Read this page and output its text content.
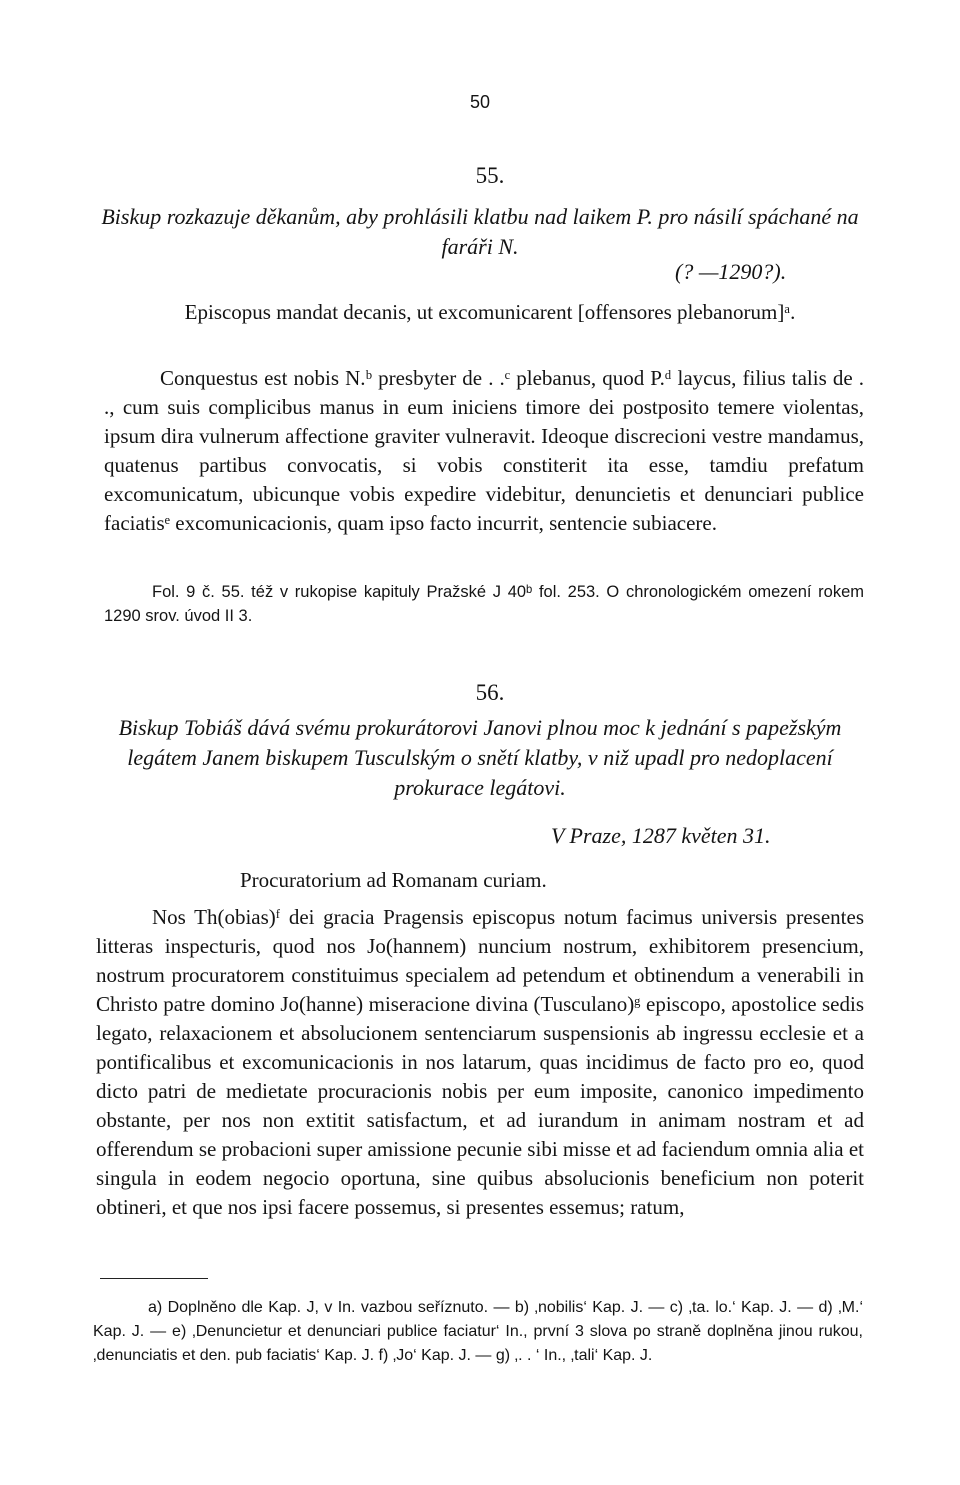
50
55.
Biskup rozkazuje děkanům, aby prohlásili klatbu nad laikem P. pro násilí spáchané na faráři N.
(? —1290?).
Episcopus mandat decanis, ut excomunicarent [offensores plebanorum]ᵃ.
Conquestus est nobis N.ᵇ presbyter de . .ᶜ plebanus, quod P.ᵈ laycus, filius talis de . ., cum suis complicibus manus in eum iniciens timore dei postposito temere violentas, ipsum dira vulnerum affectione graviter vulneravit. Ideoque discrecioni vestre mandamus, quatenus partibus convocatis, si vobis constiterit ita esse, tamdiu prefatum excomunicatum, ubicunque vobis expedire videbitur, denuncietis et denunciari publice faciatisᵉ excomunicacionis, quam ipso facto incurrit, sentencie subiacere.
Fol. 9 č. 55. též v rukopise kapituly Pražské J 40ᵇ fol. 253. O chronologickém omezení rokem 1290 srov. úvod II 3.
56.
Biskup Tobiáš dává svému prokurátorovi Janovi plnou moc k jednání s papežským legátem Janem biskupem Tusculským o snětí klatby, v niž upadl pro nedoplacení prokurace legátovi.
V Praze, 1287 květen 31.
Procuratorium ad Romanam curiam.
Nos Th(obias)ᶠ dei gracia Pragensis episcopus notum facimus universis presentes litteras inspecturis, quod nos Jo(hannem) nuncium nostrum, exhibitorem presencium, nostrum procuratorem constituimus specialem ad petendum et obtinendum a venerabili in Christo patre domino Jo(hanne) miseracione divina (Tusculano)ᵍ episcopo, apostolice sedis legato, relaxacionem et absolucionem sentenciarum suspensionis ab ingressu ecclesie et a pontificalibus et excomunicacionis in nos latarum, quas incidimus de facto pro eo, quod dicto patri de medietate procuracionis nobis per eum imposite, canonico impedimento obstante, per nos non extitit satisfactum, et ad iurandum in animam nostram et ad offerendum se probacioni super amissione pecunie sibi misse et ad faciendum omnia alia et singula in eodem negocio oportuna, sine quibus absolucionis beneficium non poterit obtineri, et que nos ipsi facere possemus, si presentes essemus; ratum,
a) Doplněno dle Kap. J, v In. vazbou seříznuto. — b) ‚nobilis‘ Kap. J. — c) ‚ta. lo.‘ Kap. J. — d) ‚M.‘ Kap. J. — e) ‚Denuncietur et denunciari publice faciatur‘ In., první 3 slova po straně doplněna jinou rukou, ‚denunciatis et den. pub faciatis‘ Kap. J. f) ‚Jo‘ Kap. J. — g) ‚. . ‘ In., ‚tali‘ Kap. J.
